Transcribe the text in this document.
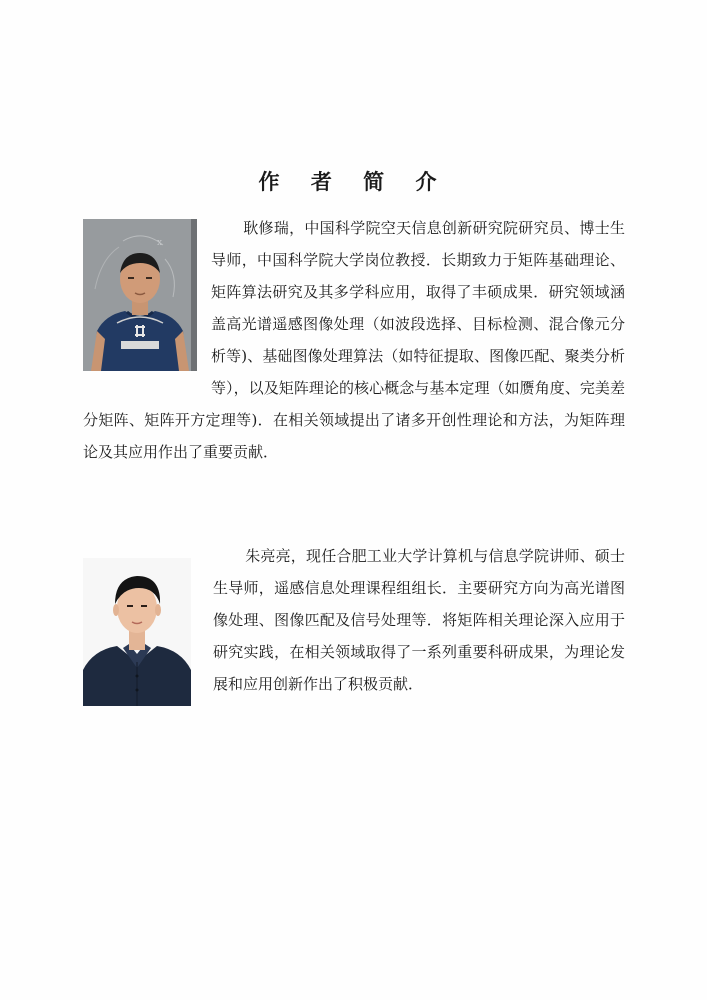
作 者 简 介
x
耿修瑞，中国科学院空天信息创新研究院研究员、博士生导师，中国科学院大学岗位教授．长期致力于矩阵基础理论、矩阵算法研究及其多学科应用，取得了丰硕成果．研究领域涵盖高光谱遥感图像处理（如波段选择、目标检测、混合像元分析等)、基础图像处理算法（如特征提取、图像匹配、聚类分析等），以及矩阵理论的核心概念与基本定理（如赝角度、完美差分矩阵、矩阵开方定理等)．在相关领域提出了诸多开创性理论和方法，为矩阵理论及其应用作出了重要贡献．
朱亮亮，现任合肥工业大学计算机与信息学院讲师、硕士生导师，遥感信息处理课程组组长．主要研究方向为高光谱图像处理、图像匹配及信号处理等．将矩阵相关理论深入应用于研究实践，在相关领域取得了一系列重要科研成果，为理论发展和应用创新作出了积极贡献．
